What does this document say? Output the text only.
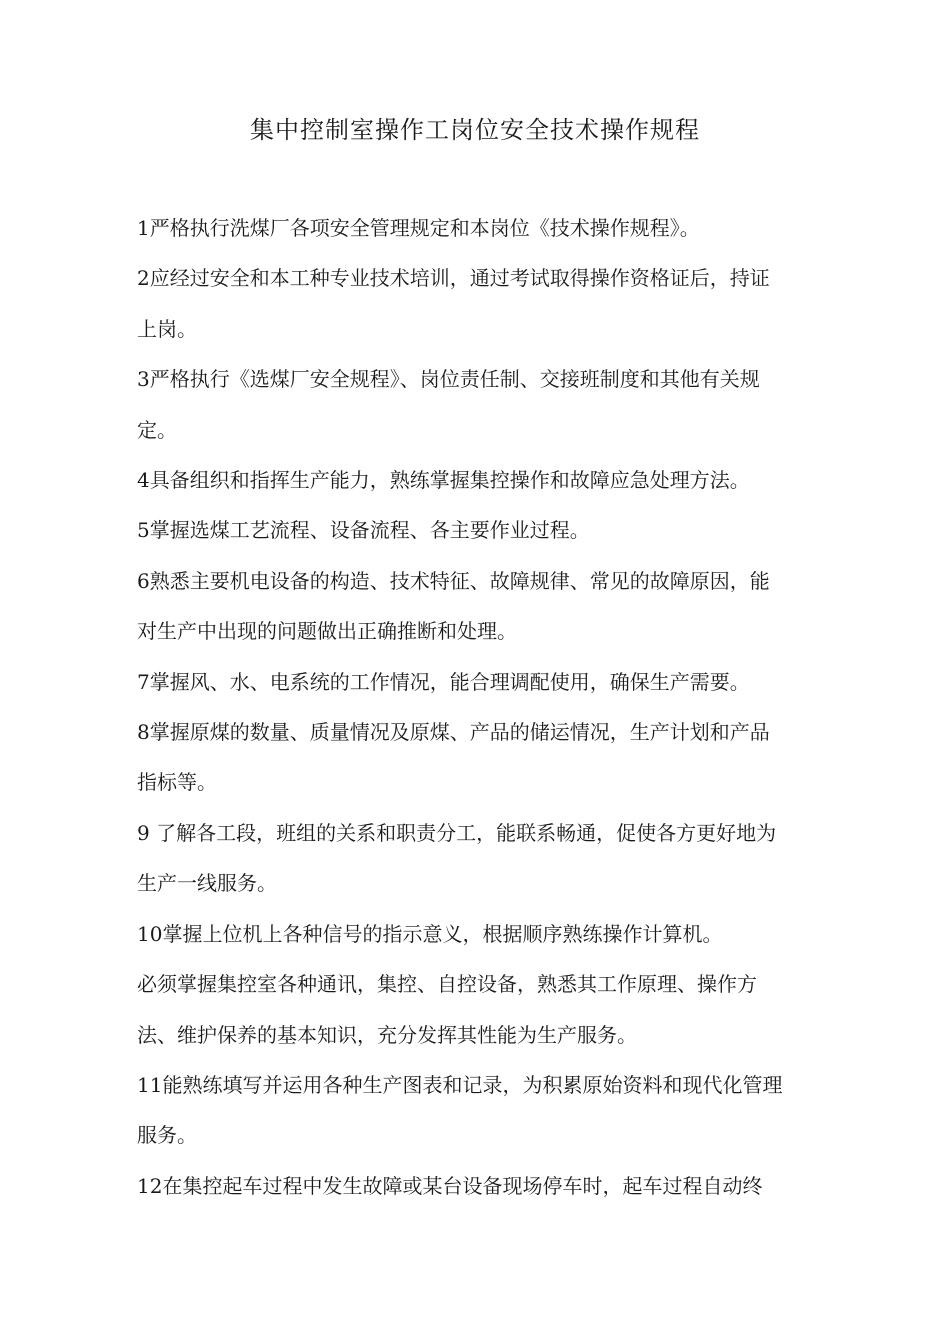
集中控制室操作工岗位安全技术操作规程

1严格执行洗煤厂各项安全管理规定和本岗位《技术操作规程》。

2应经过安全和本工种专业技术培训，通过考试取得操作资格证后，持证
上岗。

3严格执行《选煤厂安全规程》、岗位责任制、交接班制度和其他有关规
定。

4具备组织和指挥生产能力，熟练掌握集控操作和故障应急处理方法。

5掌握选煤工艺流程、设备流程、各主要作业过程。

6熟悉主要机电设备的构造、技术特征、故障规律、常见的故障原因，能
对生产中出现的问题做出正确推断和处理。

7掌握风、水、电系统的工作情况，能合理调配使用，确保生产需要。

8掌握原煤的数量、质量情况及原煤、产品的储运情况，生产计划和产品
指标等。

9 了解各工段，班组的关系和职责分工，能联系畅通，促使各方更好地为
生产一线服务。

10掌握上位机上各种信号的指示意义，根据顺序熟练操作计算机。

必须掌握集控室各种通讯，集控、自控设备，熟悉其工作原理、操作方
法、维护保养的基本知识，充分发挥其性能为生产服务。

11能熟练填写并运用各种生产图表和记录，为积累原始资料和现代化管理
服务。

12在集控起车过程中发生故障或某台设备现场停车时，起车过程自动终
